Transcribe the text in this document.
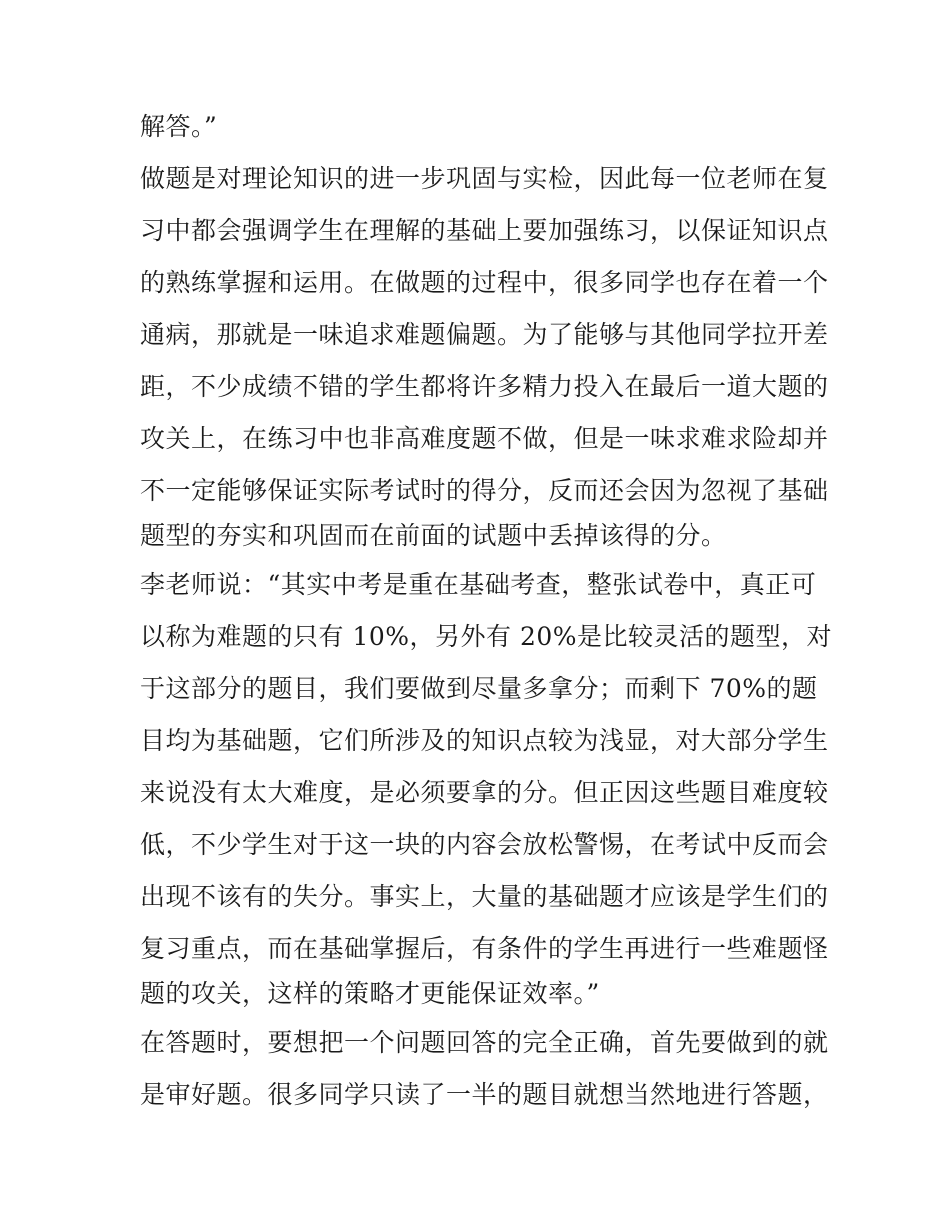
解答。”

做题是对理论知识的进一步巩固与实检，因此每一位老师在复

习中都会强调学生在理解的基础上要加强练习，以保证知识点

的熟练掌握和运用。在做题的过程中，很多同学也存在着一个

通病，那就是一味追求难题偏题。为了能够与其他同学拉开差

距，不少成绩不错的学生都将许多精力投入在最后一道大题的

攻关上，在练习中也非高难度题不做，但是一味求难求险却并

不一定能够保证实际考试时的得分，反而还会因为忽视了基础

题型的夯实和巩固而在前面的试题中丢掉该得的分。

李老师说：“其实中考是重在基础考查，整张试卷中，真正可

以称为难题的只有 10%，另外有 20%是比较灵活的题型，对

于这部分的题目，我们要做到尽量多拿分；而剩下 70%的题

目均为基础题，它们所涉及的知识点较为浅显，对大部分学生

来说没有太大难度，是必须要拿的分。但正因这些题目难度较

低，不少学生对于这一块的内容会放松警惕，在考试中反而会

出现不该有的失分。事实上，大量的基础题才应该是学生们的

复习重点，而在基础掌握后，有条件的学生再进行一些难题怪

题的攻关，这样的策略才更能保证效率。”

在答题时，要想把一个问题回答的完全正确，首先要做到的就

是审好题。很多同学只读了一半的题目就想当然地进行答题，
